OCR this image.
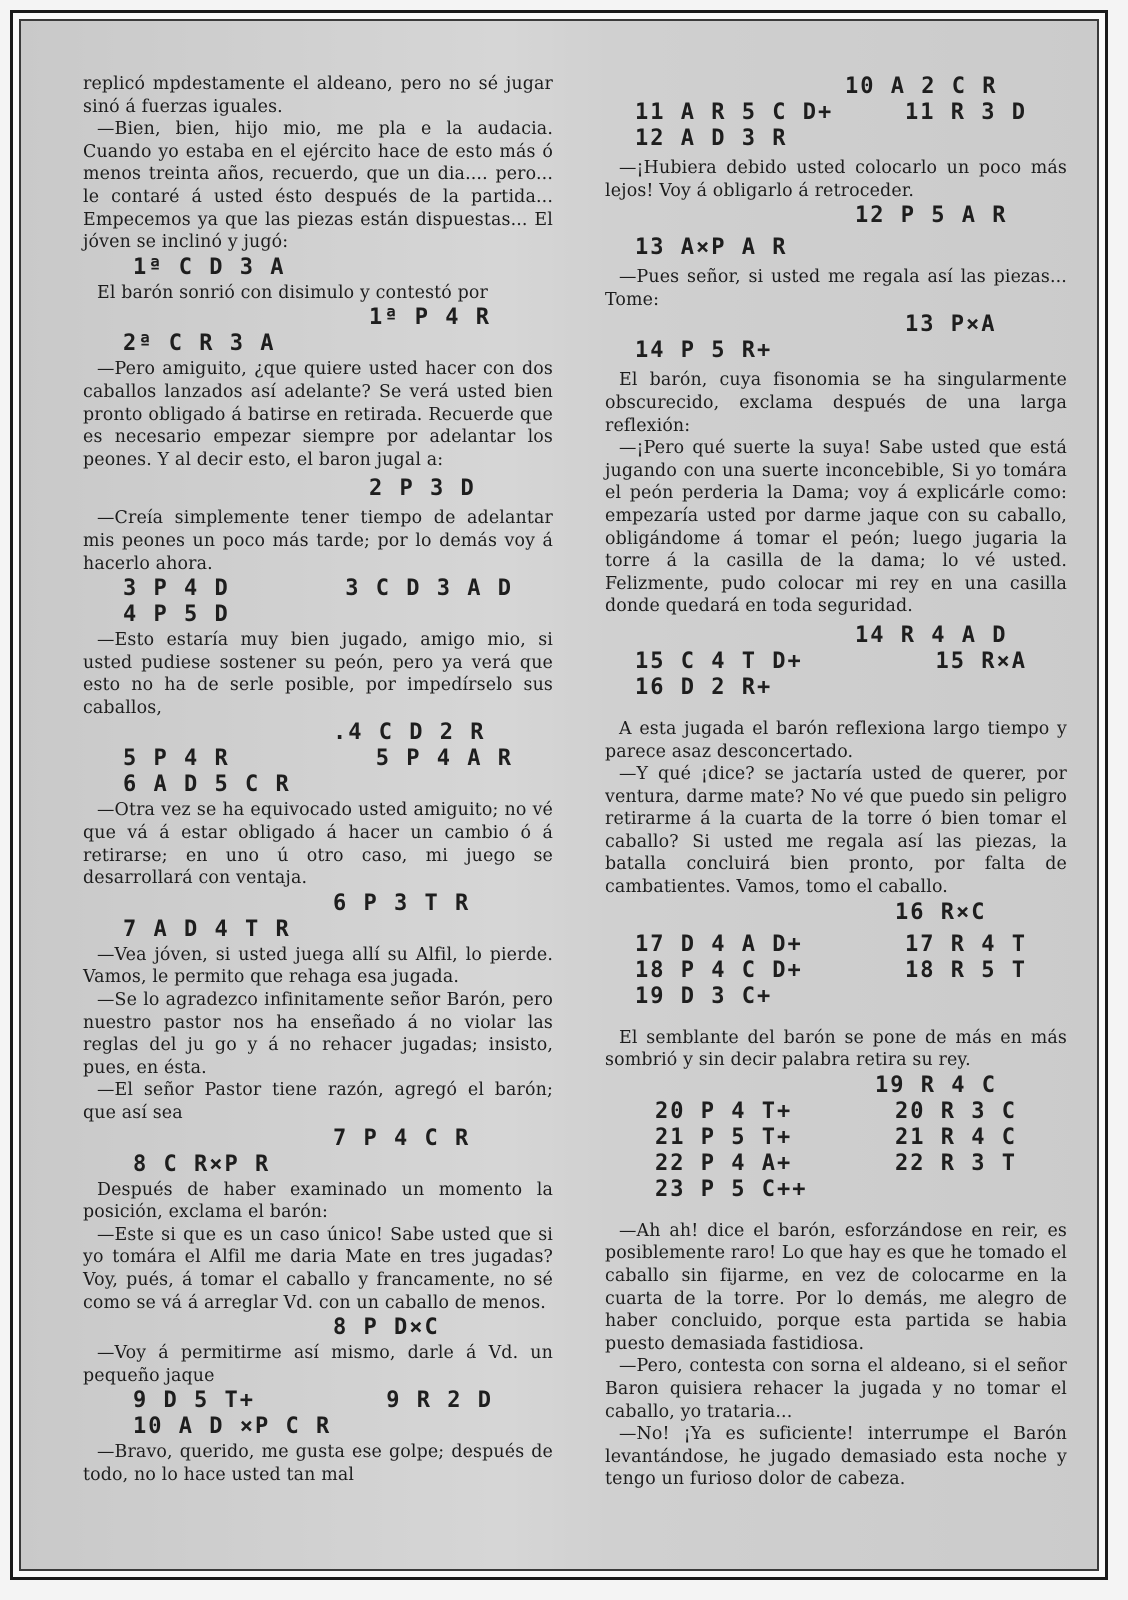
replicó mpdestamente el aldeano, pero no sé jugar sinó á fuerzas iguales.

—Bien, bien, hijo mio, me pla e la audacia. Cuando yo estaba en el ejército hace de esto más ó menos treinta años, recuerdo, que un dia.... pero... le contaré á usted ésto después de la partida... Empecemos ya que las piezas están dispuestas... El jóven se inclinó y jugó:

1ª C D 3 A

El barón sonrió con disimulo y contestó por

1ª P 4 R
2ª C R 3 A

—Pero amiguito, ¿que quiere usted hacer con dos caballos lanzados así adelante? Se verá usted bien pronto obligado á batirse en retirada. Recuerde que es necesario empezar siempre por adelantar los peones. Y al decir esto, el baron jugal a:

2 P 3 D

—Creía simplemente tener tiempo de adelantar mis peones un poco más tarde; por lo demás voy á hacerlo ahora.

3 P 4 D	3 C D 3 A D
4 P 5 D

—Esto estaría muy bien jugado, amigo mio, si usted pudiese sostener su peón, pero ya verá que esto no ha de serle posible, por impedírselo sus caballos,

.4 C D 2 R
5 P 4 R	5 P 4 A R
6 A D 5 C R

—Otra vez se ha equivocado usted amiguito; no vé que vá á estar obligado á hacer un cambio ó á retirarse; en uno ú otro caso, mi juego se desarrollará con ventaja.

6 P 3 T R
7 A D 4 T R

—Vea jóven, si usted juega allí su Alfil, lo pierde. Vamos, le permito que rehaga esa jugada.

—Se lo agradezco infinitamente señor Barón, pero nuestro pastor nos ha enseñado á no violar las reglas del ju go y á no rehacer jugadas; insisto, pues, en ésta.

—El señor Pastor tiene razón, agregó el barón; que así sea

7 P 4 C R
8 C R⨯P R

Después de haber examinado un momento la posición, exclama el barón:

—Este si que es un caso único! Sabe usted que si yo tomára el Alfil me daria Mate en tres jugadas? Voy, pués, á tomar el caballo y francamente, no sé como se vá á arreglar Vd. con un caballo de menos.

8 P D⨯C

—Voy á permitirme así mismo, darle á Vd. un pequeño jaque

9 D 5 T+	9 R 2 D
10 A D ⨯P C R

—Bravo, querido, me gusta ese golpe; después de todo, no lo hace usted tan mal

10 A 2 C R
11 A R 5 C D+	11 R 3 D
12 A D 3 R

—¡Hubiera debido usted colocarlo un poco más lejos! Voy á obligarlo á retroceder.

12 P 5 A R
13 A⨯P A R

—Pues señor, si usted me regala así las piezas... Tome:

13 P⨯A
14 P 5 R+

El barón, cuya fisonomia se ha singularmente obscurecido, exclama después de una larga reflexión:

—¡Pero qué suerte la suya! Sabe usted que está jugando con una suerte inconcebible, Si yo tomára el peón perderia la Dama; voy á explicárle como: empezaría usted por darme jaque con su caballo, obligándome á tomar el peón; luego jugaria la torre á la casilla de la dama; lo vé usted. Felizmente, pudo colocar mi rey en una casilla donde quedará en toda seguridad.

14 R 4 A D
15 C 4 T D+	15 R⨯A
16 D 2 R+

A esta jugada el barón reflexiona largo tiempo y parece asaz desconcertado.

—Y qué ¡dice? se jactaría usted de querer, por ventura, darme mate? No vé que puedo sin peligro retirarme á la cuarta de la torre ó bien tomar el caballo? Si usted me regala así las piezas, la batalla concluirá bien pronto, por falta de cambatientes. Vamos, tomo el caballo.

16 R⨯C
17 D 4 A D+	17 R 4 T
18 P 4 C D+	18 R 5 T
19 D 3 C+

El semblante del barón se pone de más en más sombrió y sin decir palabra retira su rey.

19 R 4 C
20 P 4 T+	20 R 3 C
21 P 5 T+	21 R 4 C
22 P 4 A+	22 R 3 T
23 P 5 C++

—Ah ah! dice el barón, esforzándose en reir, es posiblemente raro! Lo que hay es que he tomado el caballo sin fijarme, en vez de colocarme en la cuarta de la torre. Por lo demás, me alegro de haber concluido, porque esta partida se habia puesto demasiada fastidiosa.

—Pero, contesta con sorna el aldeano, si el señor Baron quisiera rehacer la jugada y no tomar el caballo, yo trataria...

—No! ¡Ya es suficiente! interrumpe el Barón levantándose, he jugado demasiado esta noche y tengo un furioso dolor de cabeza.
